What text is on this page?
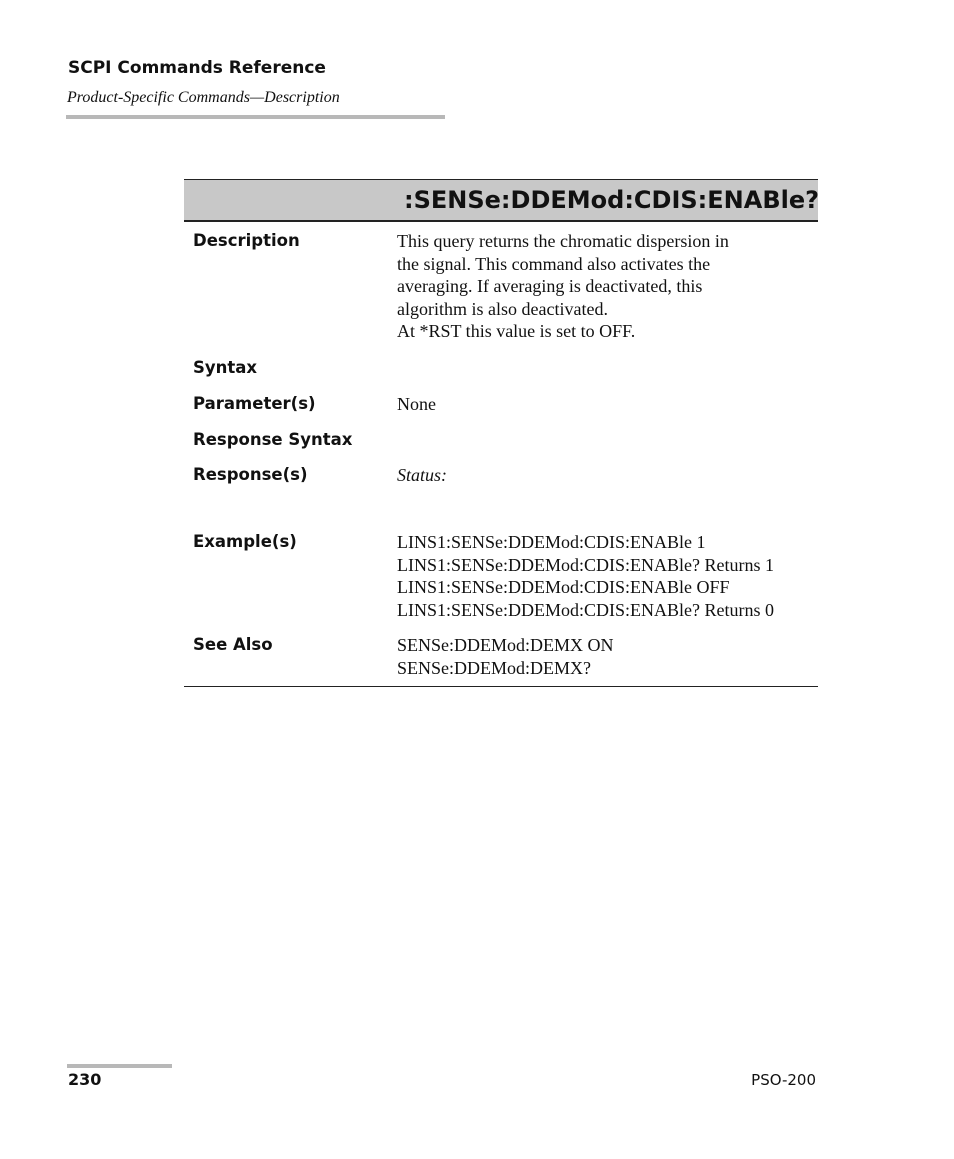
SCPI Commands Reference
Product-Specific Commands—Description
:SENSe:DDEMod:CDIS:ENABle?
Description	This query returns the chromatic dispersion in
the signal. This command also activates the
averaging. If averaging is deactivated, this
algorithm is also deactivated.
At *RST this value is set to OFF.
Syntax
Parameter(s)	None
Response Syntax
Response(s)	Status:
Example(s)	LINS1:SENSe:DDEMod:CDIS:ENABle 1
LINS1:SENSe:DDEMod:CDIS:ENABle? Returns 1
LINS1:SENSe:DDEMod:CDIS:ENABle OFF
LINS1:SENSe:DDEMod:CDIS:ENABle? Returns 0
See Also	SENSe:DDEMod:DEMX ON
SENSe:DDEMod:DEMX?
230	PSO-200
